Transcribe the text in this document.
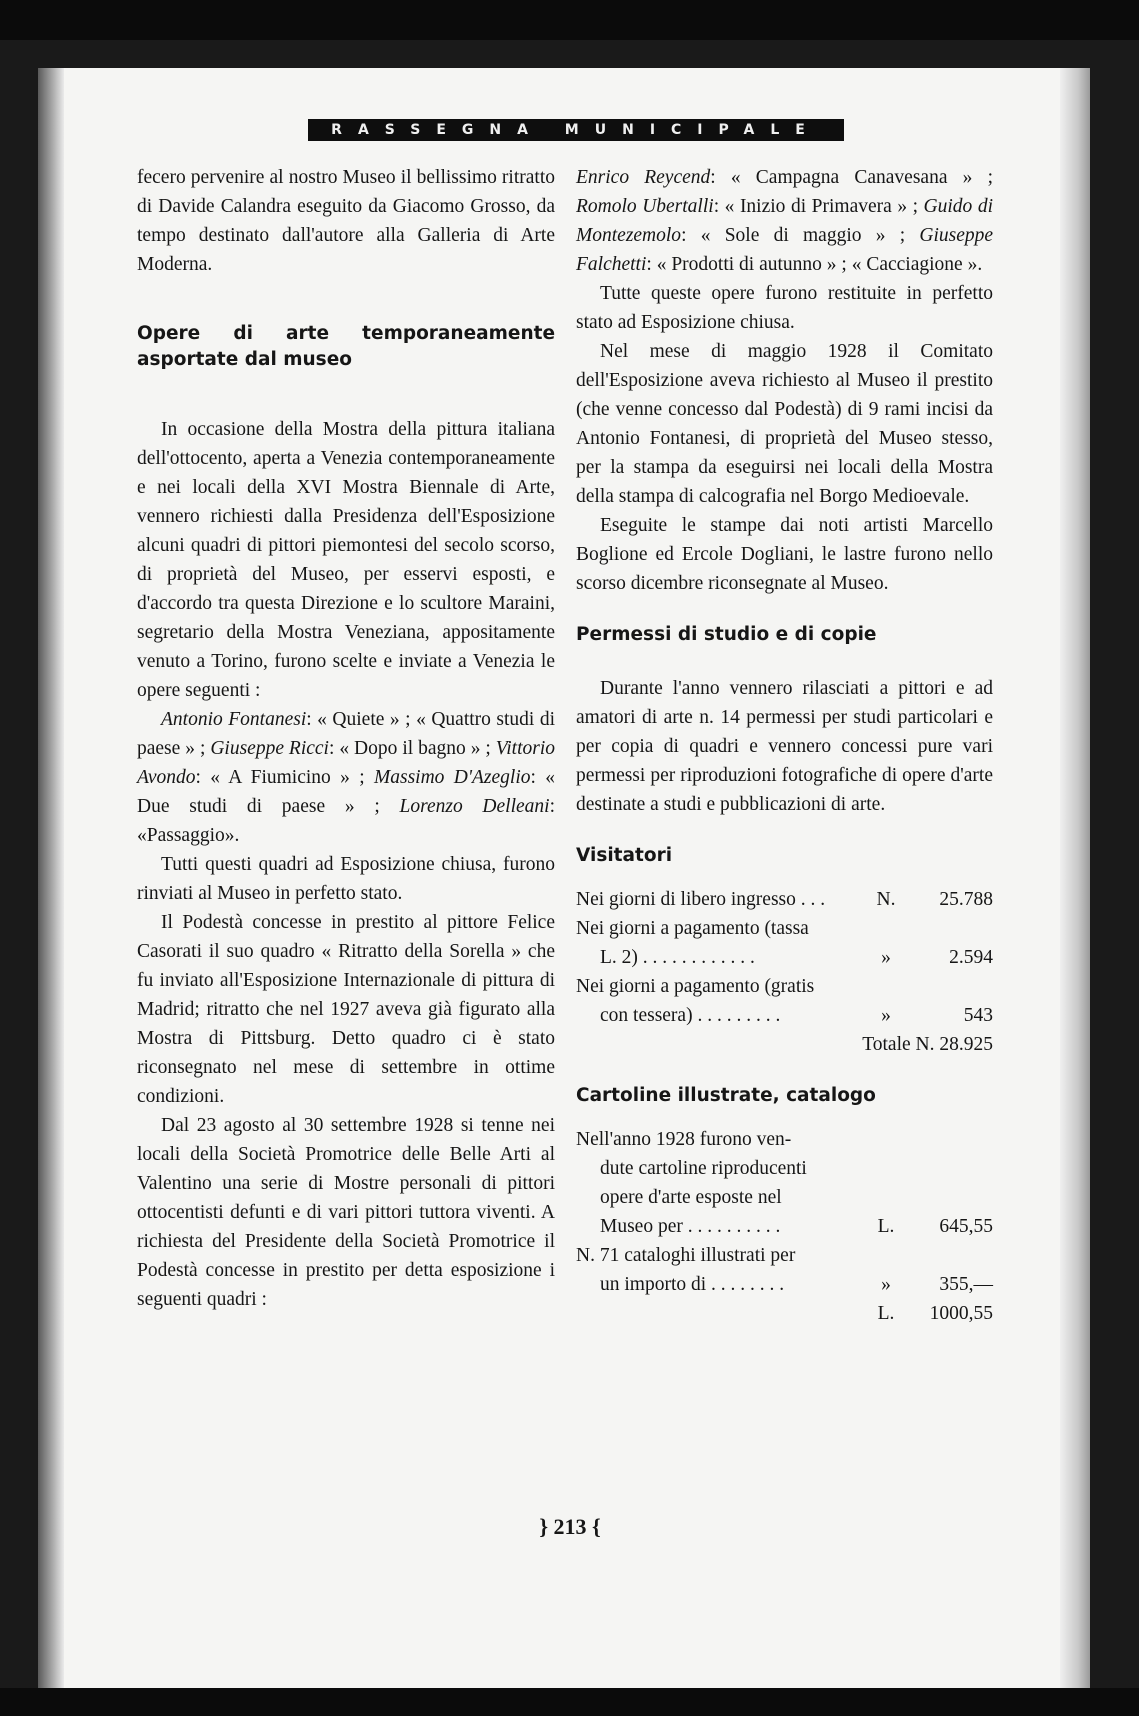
RASSEGNA MUNICIPALE

fecero pervenire al nostro Museo il bellissimo ritratto di Davide Calandra eseguito da Giacomo Grosso, da tempo destinato dall'autore alla Galleria di Arte Moderna.

Opere di arte temporaneamente asportate dal museo

In occasione della Mostra della pittura italiana dell'ottocento, aperta a Venezia contemporaneamente e nei locali della XVI Mostra Biennale di Arte, vennero richiesti dalla Presidenza dell'Esposizione alcuni quadri di pittori piemontesi del secolo scorso, di proprietà del Museo, per esservi esposti, e d'accordo tra questa Direzione e lo scultore Maraini, segretario della Mostra Veneziana, appositamente venuto a Torino, furono scelte e inviate a Venezia le opere seguenti :

Antonio Fontanesi: « Quiete » ; « Quattro studi di paese » ; Giuseppe Ricci: « Dopo il bagno » ; Vittorio Avondo: « A Fiumicino » ; Massimo D'Azeglio: « Due studi di paese » ; Lorenzo Delleani: «Passaggio».

Tutti questi quadri ad Esposizione chiusa, furono rinviati al Museo in perfetto stato.

Il Podestà concesse in prestito al pittore Felice Casorati il suo quadro « Ritratto della Sorella » che fu inviato all'Esposizione Internazionale di pittura di Madrid; ritratto che nel 1927 aveva già figurato alla Mostra di Pittsburg. Detto quadro ci è stato riconsegnato nel mese di settembre in ottime condizioni.

Dal 23 agosto al 30 settembre 1928 si tenne nei locali della Società Promotrice delle Belle Arti al Valentino una serie di Mostre personali di pittori ottocentisti defunti e di vari pittori tuttora viventi. A richiesta del Presidente della Società Promotrice il Podestà concesse in prestito per detta esposizione i seguenti quadri :

Enrico Reycend: « Campagna Canavesana » ; Romolo Ubertalli: « Inizio di Primavera » ; Guido di Montezemolo: « Sole di maggio » ; Giuseppe Falchetti: « Prodotti di autunno » ; « Cacciagione ».

Tutte queste opere furono restituite in perfetto stato ad Esposizione chiusa.

Nel mese di maggio 1928 il Comitato dell'Esposizione aveva richiesto al Museo il prestito (che venne concesso dal Podestà) di 9 rami incisi da Antonio Fontanesi, di proprietà del Museo stesso, per la stampa da eseguirsi nei locali della Mostra della stampa di calcografia nel Borgo Medioevale.

Eseguite le stampe dai noti artisti Marcello Boglione ed Ercole Dogliani, le lastre furono nello scorso dicembre riconsegnate al Museo.

Permessi di studio e di copie

Durante l'anno vennero rilasciati a pittori e ad amatori di arte n. 14 permessi per studi particolari e per copia di quadri e vennero concessi pure vari permessi per riproduzioni fotografiche di opere d'arte destinate a studi e pubblicazioni di arte.

Visitatori
Nei giorni di libero ingresso . . .	N.	25.788
Nei giorni a pagamento (tassa
L. 2) . . . . . . . . . . . .	»	2.594
Nei giorni a pagamento (gratis
con tessera) . . . . . . . . .	»	543
Totale N. 28.925
Cartoline illustrate, catalogo
Nell'anno 1928 furono ven-
dute cartoline riproducenti
opere d'arte esposte nel
Museo per . . . . . . . . . .	L.	645,55
N. 71 cataloghi illustrati per
un importo di . . . . . . . .	»	355,—
L.	1000,55
} 213 {
